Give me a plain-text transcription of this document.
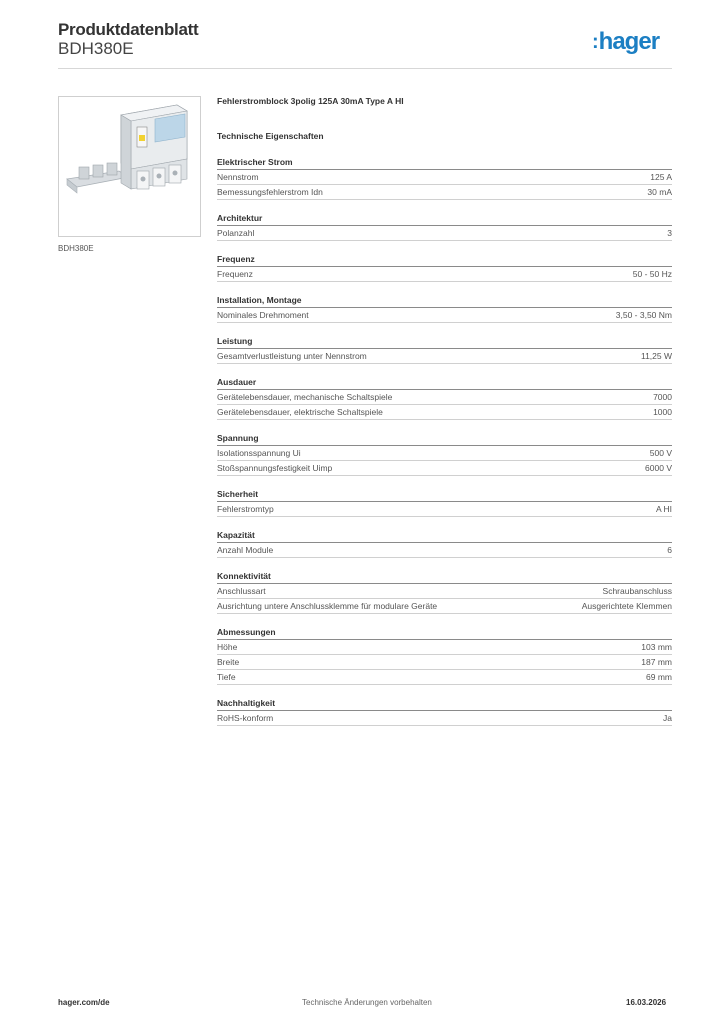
Produktdatenblatt
BDH380E	:hager
BDH380E
Fehlerstromblock 3polig 125A 30mA Type A HI
Technische Eigenschaften
Elektrischer Strom
Nennstrom	125 A
Bemessungsfehlerstrom Idn	30 mA
Architektur
Polanzahl	3
Frequenz
Frequenz	50 - 50 Hz
Installation, Montage
Nominales Drehmoment	3,50 - 3,50 Nm
Leistung
Gesamtverlustleistung unter Nennstrom	11,25 W
Ausdauer
Gerätelebensdauer, mechanische Schaltspiele	7000
Gerätelebensdauer, elektrische Schaltspiele	1000
Spannung
Isolationsspannung Ui	500 V
Stoßspannungsfestigkeit Uimp	6000 V
Sicherheit
Fehlerstromtyp	A HI
Kapazität
Anzahl Module	6
Konnektivität
Anschlussart	Schraubanschluss
Ausrichtung untere Anschlussklemme für modulare Geräte	Ausgerichtete Klemmen
Abmessungen
Höhe	103 mm
Breite	187 mm
Tiefe	69 mm
Nachhaltigkeit
RoHS-konform	Ja
hager.com/de	Technische Änderungen vorbehalten	16.03.2026
